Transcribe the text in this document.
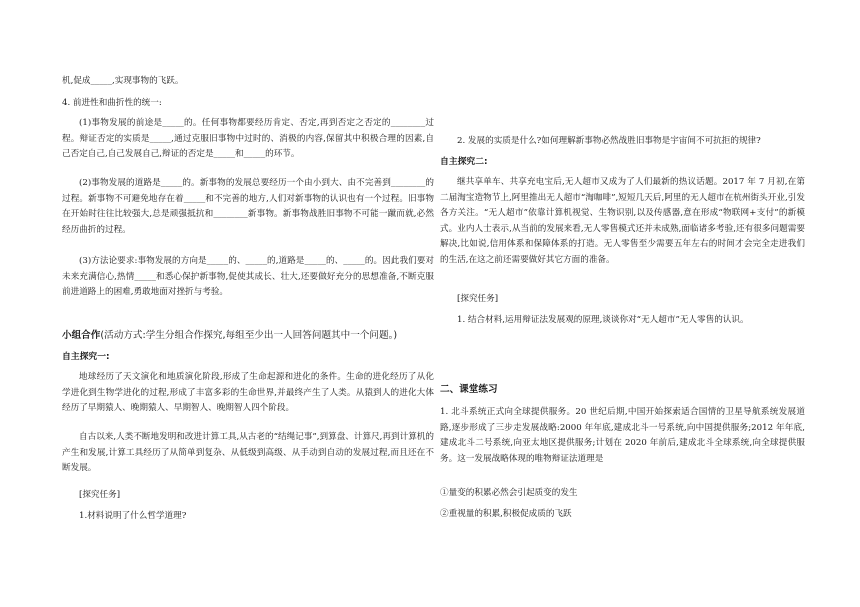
机,促成_____,实现事物的飞跃。

4. 前进性和曲折性的统一:

(1)事物发展的前途是_____的。任何事物都要经历肯定、否定,再到否定之否定的________过程。辩证否定的实质是_____,通过克服旧事物中过时的、消极的内容,保留其中积极合理的因素,自己否定自己,自己发展自己,辩证的否定是_____和_____的环节。

(2)事物发展的道路是_____的。新事物的发展总要经历一个由小到大、由不完善到________的过程。新事物不可避免地存在着_____和不完善的地方,人们对新事物的认识也有一个过程。旧事物在开始时往往比较强大,总是顽强抵抗和________新事物。新事物战胜旧事物不可能一蹴而就,必然经历曲折的过程。

(3)方法论要求:事物发展的方向是_____的、_____的,道路是_____的、_____的。因此我们要对未来充满信心,热情_____和悉心保护新事物,促使其成长、壮大,还要做好充分的思想准备,不断克服前进道路上的困难,勇敢地面对挫折与考验。

小组合作(活动方式:学生分组合作探究,每组至少出一人回答问题其中一个问题。)

自主探究一:

地球经历了天文演化和地质演化阶段,形成了生命起源和进化的条件。生命的进化经历了从化学进化到生物学进化的过程,形成了丰富多彩的生命世界,并最终产生了人类。从猿到人的进化大体经历了早期猿人、晚期猿人、早期智人、晚期智人四个阶段。

自古以来,人类不断地发明和改进计算工具,从古老的“结绳记事”,到算盘、计算尺,再到计算机的产生和发展,计算工具经历了从简单到复杂、从低级到高级、从手动到自动的发展过程,而且还在不断发展。

[探究任务]

1.材料说明了什么哲学道理?

2. 发展的实质是什么?如何理解新事物必然战胜旧事物是宇宙间不可抗拒的规律?

自主探究二:

继共享单车、共享充电宝后,无人超市又成为了人们最新的热议话题。2017 年 7 月初,在第二届淘宝造物节上,阿里推出无人超市“淘咖啡”,短短几天后,阿里的无人超市在杭州街头开业,引发各方关注。“无人超市”依靠计算机视觉、生物识别,以及传感器,意在形成“物联网+支付”的新模式。业内人士表示,从当前的发展来看,无人零售模式还并未成熟,面临诸多考验,还有很多问题需要解决,比如说,信用体系和保障体系的打造。无人零售至少需要五年左右的时间才会完全走进我们的生活,在这之前还需要做好其它方面的准备。

[探究任务]

1. 结合材料,运用辩证法发展观的原理,谈谈你对“无人超市”无人零售的认识。

二、课堂练习

1. 北斗系统正式向全球提供服务。20 世纪后期,中国开始探索适合国情的卫星导航系统发展道路,逐步形成了三步走发展战略:2000 年年底,建成北斗一号系统,向中国提供服务;2012 年年底,建成北斗二号系统,向亚太地区提供服务;计划在 2020 年前后,建成北斗全球系统,向全球提供服务。这一发展战略体现的唯物辩证法道理是

①量变的积累必然会引起质变的发生

②重视量的积累,积极促成质的飞跃
